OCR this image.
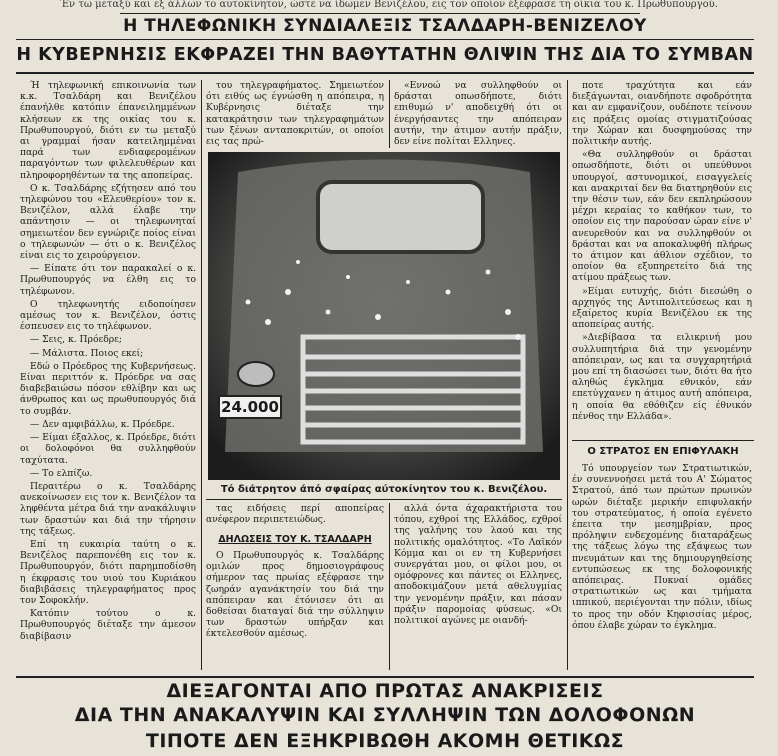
Έν τω μεταξύ και εξ άλλων το αυτοκίνητον, ώστε να ίδωμεν Βενιζέλου, εις τον οποίον έξέφρασε τη οίκια του κ. Πρωθυπουργού.
Η ΤΗΛΕΦΩΝΙΚΗ ΣΥΝΔΙΑΛΕΞΙΣ ΤΣΑΛΔΑΡΗ-ΒΕΝΙΖΕΛΟΥ
Η ΚΥΒΕΡΝΗΣΙΣ ΕΚΦΡΑΖΕΙ ΤΗΝ ΒΑΘΥΤΑΤΗΝ ΘΛΙΨΙΝ ΤΗΣ ΔΙΑ ΤΟ ΣΥΜΒΑΝ

Ή τηλεφωνική επικοινωνία των κ.κ. Τσαλδάρη και Βενιζέλου έπανήλθε κατόπιν έπανειλημμένων κλήσεων εκ της οικίας του κ. Πρωθυπουργού, διότι εν τω μεταξύ αι γραμμαί ήσαν κατειλημμέναι παρά των ενδιαφερομένων παραγόντων των φιλελευθέρων και πληροφορηθέντων τα της αποπείρας.

Ο κ. Τσαλδάρης εζήτησεν από του τηλεφώνου του «Ελευθερίου» τον κ. Βενιζέλον, αλλά έλαβε την απάντησιν — οι τηλεφωνηταί σημειωτέον δεν εγνώριζε ποίος είναι ο τηλεφωνών — ότι ο κ. Βενιζέλος είναι εις το χειρούργειον.

— Είπατε ότι τον παρακαλεί ο κ. Πρωθυπουργός να έλθη εις το τηλέφωνον.

Ο τηλεφωνητής ειδοποίησεν αμέσως τον κ. Βενιζέλον, όστις έσπευσεν εις το τηλέφωνον.

— Σεις, κ. Πρόεδρε;

— Μάλιστα. Ποιος εκεί;

Εδώ ο Πρόεδρος της Κυβερνήσεως. Είναι περιττόν κ. Πρόεδρε να σας διαβεβαιώσω πόσον εθλίβην και ως άνθρωπος και ως πρωθυπουργός διά το συμβάν.

— Δεν αμφιβάλλω, κ. Πρόεδρε.

— Είμαι έξαλλος, κ. Πρόεδρε, διότι οι δολοφόνοι θα συλληφθούν ταχύτατα.

— Το ελπίζω.

Περαιτέρω ο κ. Τσαλδάρης ανεκοίνωσεν εις τον κ. Βενιζέλον τα ληφθέντα μέτρα διά την ανακάλυψιν των δραστών και διά την τήρησιν της τάξεως.

Επί τη ευκαιρία ταύτη ο κ. Βενιζέλος παρεπονέθη εις τον κ. Πρωθυπουργόν, διότι παρημποδίσθη η έκφρασις του υιού του Κυριάκου διαβιβάσεις τηλεγραφήματος προς τον Σοφοκλήν.

Κατόπιν τούτου ο κ. Πρωθυπουργός διέταξε την άμεσον διαβίβασιν

του τηλεγραφήματος. Σημειωτέον ότι ειθύς ως έγνώσθη η απόπειρα, η Κυβέρνησις διέταξε την κατακράτησιν των τηλεγραφημάτων των ξένων ανταποκριτών, οι οποίοι εις τας πρώ-

«Εννοώ να συλληφθούν οι δράσται οπωσδήποτε, διότι επιθυμώ ν' αποδειχθή ότι οι ένεργήσαντες την απόπειραν αυτήν, την άτιμον αυτήν πράξιν, δεν είνε πολίται Ελληνες.

24.000
Τό διάτρητον άπό σφαίρας αύτοκίνητον του κ. Βενιζέλου.

τας ειδήσεις περί αποπείρας ανέφερον περιπετειώδως.

ΔΗΛΩΣΕΙΣ ΤΟΥ Κ. ΤΣΑΛΔΑΡΗ

Ο Πρωθυπουργός κ. Τσαλδάρης ομιλών προς δημοσιογράφους σήμερον τας πρωίας εξέφρασε την ζωηράν αγανάκτησίν του διά την απόπειραν και έτόνισεν ότι αι δοθείσαι διαταγαί διά την σύλληψιν των δραστών υπήρξαν και έκτελεσθούν αμέσως.

αλλά όντα άχαρακτήριστα του τόπου, εχθροί της Ελλάδος, εχθροί της γαλήνης του λαού και της πολιτικής ομαλότητος. «Το Λαϊκόν Κόμμα και οι εν τη Κυβερνήσει συνεργάται μου, οι φίλοι μου, οι ομόφρονες και πάντες οι Ελληνες, αποδοκιμάζουν μετά αθελυγμίας την γενομένην πράξιν, και πάσαν πράξιν παρομοίας φύσεως. «Οι πολιτικοί αγώνες με οιανδή-

ποτε τραχύτητα και εάν διεξάγωνται, οιανδήποτε σφοδρότητα και αν εμφανίζουν, ουδέποτε τείνουν εις πράξεις ομοίας στιγματιζούσας την Χώραν και δυσφημούσας την πολιτικήν αυτής.

«Θα συλληφθούν οι δράσται οπωσδήποτε, διότι οι υπεύθυνοι υπουργοί, αστυνομικοί, εισαγγελείς και ανακριταί δεν θα διατηρηθούν εις την θέσιν των, εάν δεν εκπληρώσουν μέχρι κεραίας το καθήκον των, το οποίον εις την παρούσαν ώραν είνε ν' ανευρεθούν και να συλληφθούν οι δράσται και να αποκαλυφθή πλήρως το άτιμον και άθλιον σχέδιον, το οποίον θα εξυπηρετείτο διά της ατίμου πράξεως των.

»Είμαι ευτυχής, διότι διεσώθη ο αρχηγός της Αντιπολιτεύσεως και η εξαίρετος κυρία Βενιζέλου εκ της αποπείρας αυτής.

»Διεβίβασα τα ειλικρινή μου συλλυπητήρια διά την γενομένην απόπειραν, ως και τα συγχαρητήριά μου επί τη διασώσει των, διότι θα ήτο αληθώς έγκλημα εθνικόν, εάν επετύγχανεν η άτιμος αυτή απόπειρα, η οποία θα εθόθιζεν είς έθνικόν πένθος την Ελλάδα».

Ο ΣΤΡΑΤΟΣ ΕΝ ΕΠΙΦΥΛΑΚΗ

Τό υπουργείον των Στρατιωτικών, έν συνεννοήσει μετά του Α' Σώματος Στρατού, άπό των πρώτων πρωινών ωρών διέταξε μερικήν επιφυλακήν του στρατεύματος, ή οποία εγένετο έπειτα την μεσημβρίαν, προς πρόληψιν ενδεχομένης διαταράξεως της τάξεως λόγω της εξάψεως των πνευμάτων και της δημιουργηθείσης εντυπώσεως εκ της δολοφονικής απόπειρας. Πυκναί ομάδες στρατιωτικών ως και τμήματα ιππικού, περιέγονται την πόλιν, ιδίως το προς την οδόν Κηφισσίας μέρος, όπου έλαβε χώραν το έγκλημα.

ΔΙΕΞΑΓΟΝΤΑΙ ΑΠΟ ΠΡΩΤΑΣ ΑΝΑΚΡΙΣΕΙΣ
ΔΙΑ ΤΗΝ ΑΝΑΚΑΛΥΨΙΝ ΚΑΙ ΣΥΛΛΗΨΙΝ ΤΩΝ ΔΟΛΟΦΟΝΩΝ
ΤΙΠΟΤΕ ΔΕΝ ΕΞΗΚΡΙΒΩΘΗ ΑΚΟΜΗ ΘΕΤΙΚΩΣ
